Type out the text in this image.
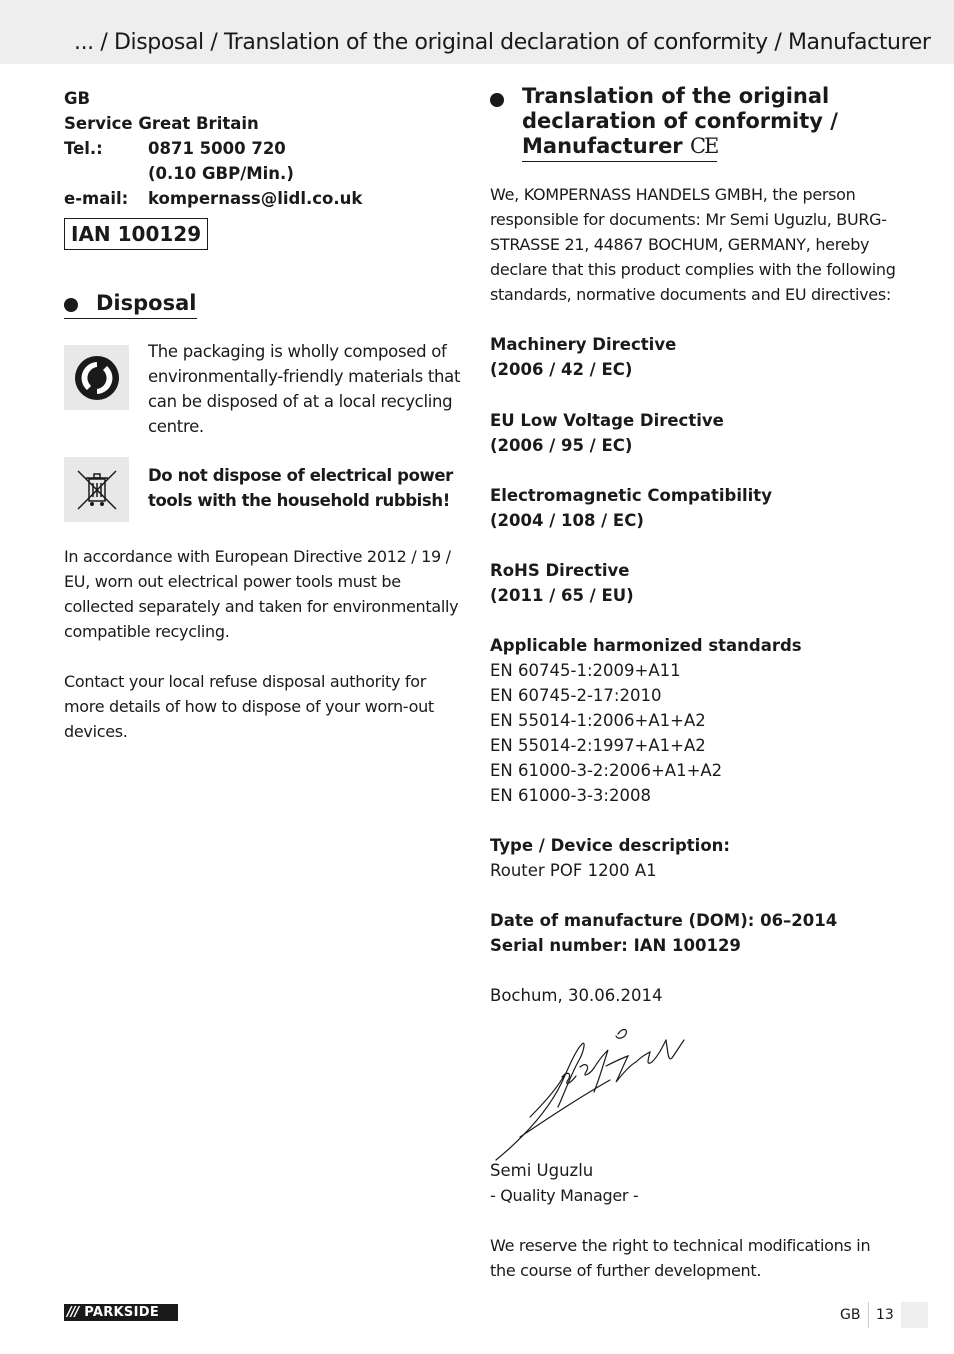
... / Disposal / Translation of the original declaration of conformity / Manufacturer
GB
Service Great Britain
Tel.:	0871 5000 720
(0.10 GBP/Min.)
e-mail:	kompernass@lidl.co.uk
IAN 100129
Disposal
The packaging is wholly composed of environmentally-friendly materials that can be disposed of at a local recycling centre.
Do not dispose of electrical power tools with the household rubbish!
In accordance with European Directive 2012 / 19 / EU, worn out electrical power tools must be collected separately and taken for environmentally compatible recycling.
Contact your local refuse disposal authority for more details of how to dispose of your worn-out devices.
Translation of the original
declaration of conformity /
Manufacturer CE
We, KOMPERNASS HANDELS GMBH, the person responsible for documents: Mr Semi Uguzlu, BURG-STRASSE 21, 44867 BOCHUM, GERMANY, hereby declare that this product complies with the following standards, normative documents and EU directives:
Machinery Directive
(2006 / 42 / EC)
EU Low Voltage Directive
(2006 / 95 / EC)
Electromagnetic Compatibility
(2004 / 108 / EC)
RoHS Directive
(2011 / 65 / EU)
Applicable harmonized standards
EN 60745-1:2009+A11
EN 60745-2-17:2010
EN 55014-1:2006+A1+A2
EN 55014-2:1997+A1+A2
EN 61000-3-2:2006+A1+A2
EN 61000-3-3:2008
Type / Device description:
Router POF 1200 A1
Date of manufacture (DOM): 06–2014
Serial number: IAN 100129
Bochum, 30.06.2014
Semi Uguzlu
- Quality Manager -
We reserve the right to technical modifications in the course of further development.
/// PARKSIDE	GB 13
